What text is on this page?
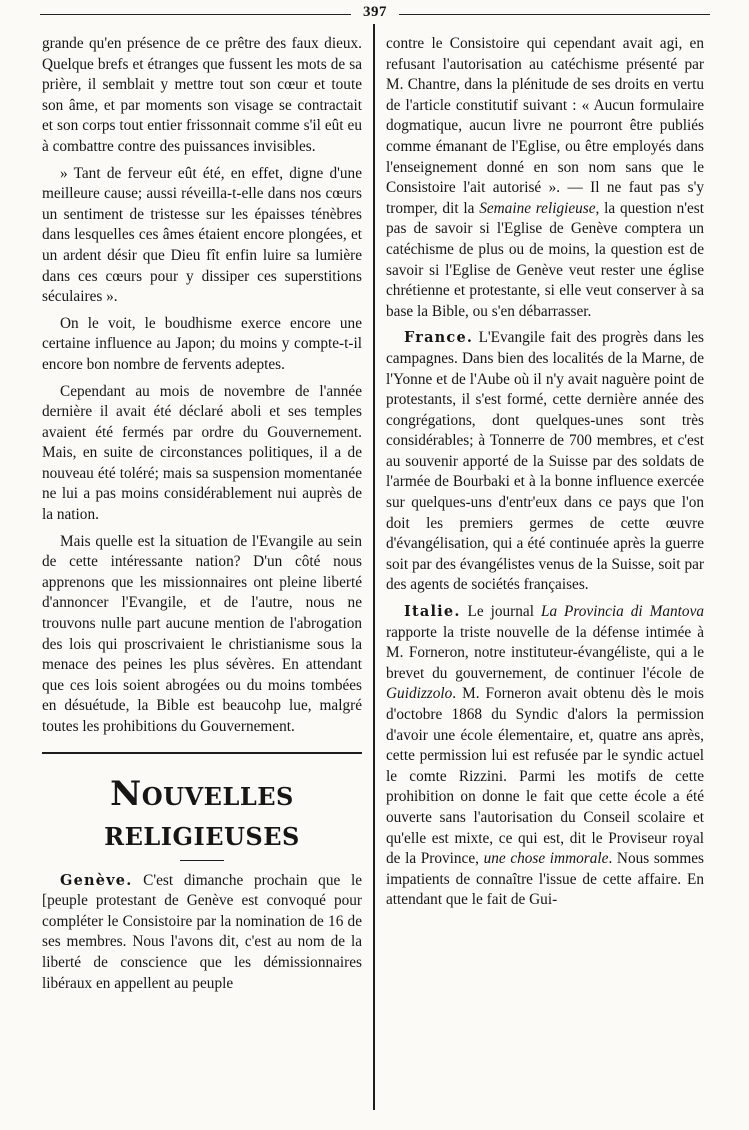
397

grande qu'en présence de ce prêtre des faux dieux. Quelque brefs et étranges que fussent les mots de sa prière, il semblait y mettre tout son cœur et toute son âme, et par moments son visage se contractait et son corps tout entier frissonnait comme s'il eût eu à combattre contre des puissances invisibles.

» Tant de ferveur eût été, en effet, digne d'une meilleure cause; aussi réveilla-t-elle dans nos cœurs un sentiment de tristesse sur les épaisses ténèbres dans lesquelles ces âmes étaient encore plongées, et un ardent désir que Dieu fît enfin luire sa lumière dans ces cœurs pour y dissiper ces superstitions séculaires ».

On le voit, le boudhisme exerce encore une certaine influence au Japon; du moins y compte-t-il encore bon nombre de fervents adeptes.

Cependant au mois de novembre de l'année dernière il avait été déclaré aboli et ses temples avaient été fermés par ordre du Gouvernement. Mais, en suite de circonstances politiques, il a de nouveau été toléré; mais sa suspension momentanée ne lui a pas moins considérablement nui auprès de la nation.

Mais quelle est la situation de l'Evangile au sein de cette intéressante nation? D'un côté nous apprenons que les missionnaires ont pleine liberté d'annoncer l'Evangile, et de l'autre, nous ne trouvons nulle part aucune mention de l'abrogation des lois qui proscrivaient le christianisme sous la menace des peines les plus sévères. En attendant que ces lois soient abrogées ou du moins tombées en désuétude, la Bible est beaucohp lue, malgré toutes les prohibitions du Gouvernement.

Nouvelles religieuses

Genève. C'est dimanche prochain que le [peuple protestant de Genève est convoqué pour compléter le Consistoire par la nomination de 16 de ses membres. Nous l'avons dit, c'est au nom de la liberté de conscience que les démissionnaires libéraux en appellent au peuple

contre le Consistoire qui cependant avait agi, en refusant l'autorisation au catéchisme présenté par M. Chantre, dans la plénitude de ses droits en vertu de l'article constitutif suivant : « Aucun formulaire dogmatique, aucun livre ne pourront être publiés comme émanant de l'Eglise, ou être employés dans l'enseignement donné en son nom sans que le Consistoire l'ait autorisé ». — Il ne faut pas s'y tromper, dit la Semaine religieuse, la question n'est pas de savoir si l'Eglise de Genève comptera un catéchisme de plus ou de moins, la question est de savoir si l'Eglise de Genève veut rester une église chrétienne et protestante, si elle veut conserver à sa base la Bible, ou s'en débarrasser.

France. L'Evangile fait des progrès dans les campagnes. Dans bien des localités de la Marne, de l'Yonne et de l'Aube où il n'y avait naguère point de protestants, il s'est formé, cette dernière année des congrégations, dont quelques-unes sont très considérables; à Tonnerre de 700 membres, et c'est au souvenir apporté de la Suisse par des soldats de l'armée de Bourbaki et à la bonne influence exercée sur quelques-uns d'entr'eux dans ce pays que l'on doit les premiers germes de cette œuvre d'évangélisation, qui a été continuée après la guerre soit par des évangélistes venus de la Suisse, soit par des agents de sociétés françaises.

Italie. Le journal La Provincia di Mantova rapporte la triste nouvelle de la défense intimée à M. Forneron, notre instituteur-évangéliste, qui a le brevet du gouvernement, de continuer l'école de Guidizzolo. M. Forneron avait obtenu dès le mois d'octobre 1868 du Syndic d'alors la permission d'avoir une école élementaire, et, quatre ans après, cette permission lui est refusée par le syndic actuel le comte Rizzini. Parmi les motifs de cette prohibition on donne le fait que cette école a été ouverte sans l'autorisation du Conseil scolaire et qu'elle est mixte, ce qui est, dit le Proviseur royal de la Province, une chose immorale. Nous sommes impatients de connaître l'issue de cette affaire. En attendant que le fait de Gui-
